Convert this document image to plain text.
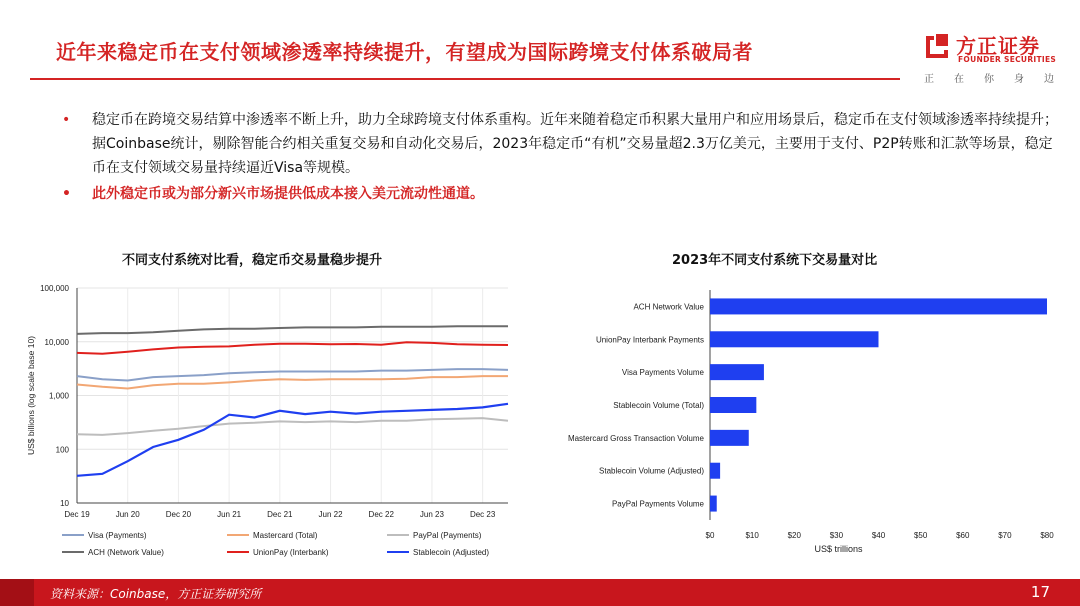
近年来稳定币在支付领域渗透率持续提升，有望成为国际跨境支付体系破局者	方正证券
FOUNDER SECURITIES
正 在 你 身 边
• 稳定币在跨境交易结算中渗透率不断上升，助力全球跨境支付体系重构。近年来随着稳定币积累大量用户和应用场景后，稳定币在支付领域渗透率持续提升；据Coinbase统计，剔除智能合约相关重复交易和自动化交易后，2023年稳定币“有机”交易量超2.3万亿美元，主要用于支付、P2P转账和汇款等场景，稳定币在支付领域交易量持续逼近Visa等规模。
• 此外稳定币或为部分新兴市场提供低成本接入美元流动性通道。
不同支付系统对比看，稳定币交易量稳步提升	2023年不同支付系统下交易量对比
10
100
1,000
10,000
100,000
Dec 19	Jun 20	Dec 20	Jun 21	Dec 21	Jun 22	Dec 22	Jun 23	Dec 23
US$ billions (log scale base 10)
Visa (Payments)	Mastercard (Total)	PayPal (Payments)
ACH (Network Value)	UnionPay (Interbank)	Stablecoin (Adjusted)
$0	$10	$20	$30	$40	$50	$60	$70	$80
US$ trillions
ACH Network Value
UnionPay Interbank Payments
Visa Payments Volume
Stablecoin Volume (Total)
Mastercard Gross Transaction Volume
Stablecoin Volume (Adjusted)
PayPal Payments Volume
资料来源：Coinbase，方正证券研究所	17
